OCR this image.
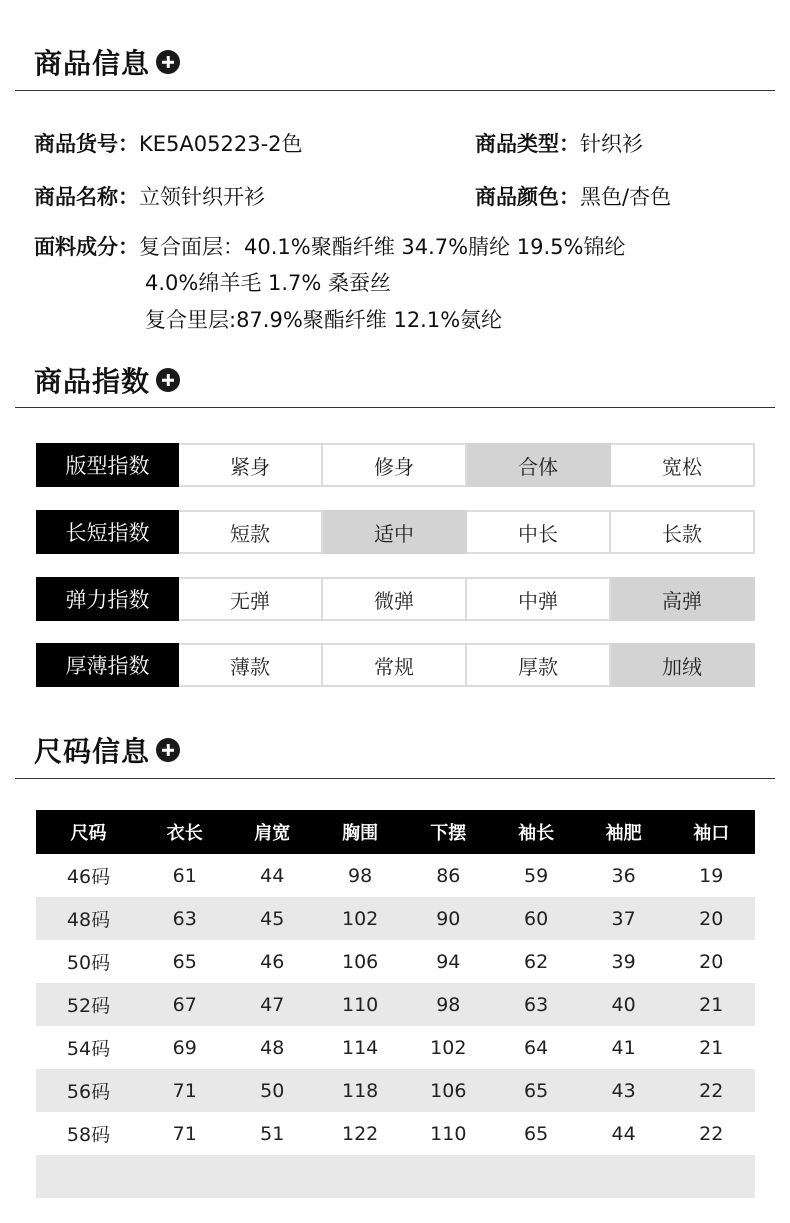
商品信息
商品货号： KE5A05223-2色	商品类型： 针织衫
商品名称： 立领针织开衫	商品颜色： 黑色/杏色
面料成分： 复合面层：40.1%聚酯纤维 34.7%腈纶 19.5%锦纶
4.0%绵羊毛 1.7% 桑蚕丝
复合里层:87.9%聚酯纤维 12.1%氨纶
商品指数
版型指数	紧身	修身	合体	宽松
长短指数	短款	适中	中长	长款
弹力指数	无弹	微弹	中弹	高弹
厚薄指数	薄款	常规	厚款	加绒
尺码信息
尺码	衣长	肩宽	胸围	下摆	袖长	袖肥	袖口
46码	61	44	98	86	59	36	19
48码	63	45	102	90	60	37	20
50码	65	46	106	94	62	39	20
52码	67	47	110	98	63	40	21
54码	69	48	114	102	64	41	21
56码	71	50	118	106	65	43	22
58码	71	51	122	110	65	44	22
